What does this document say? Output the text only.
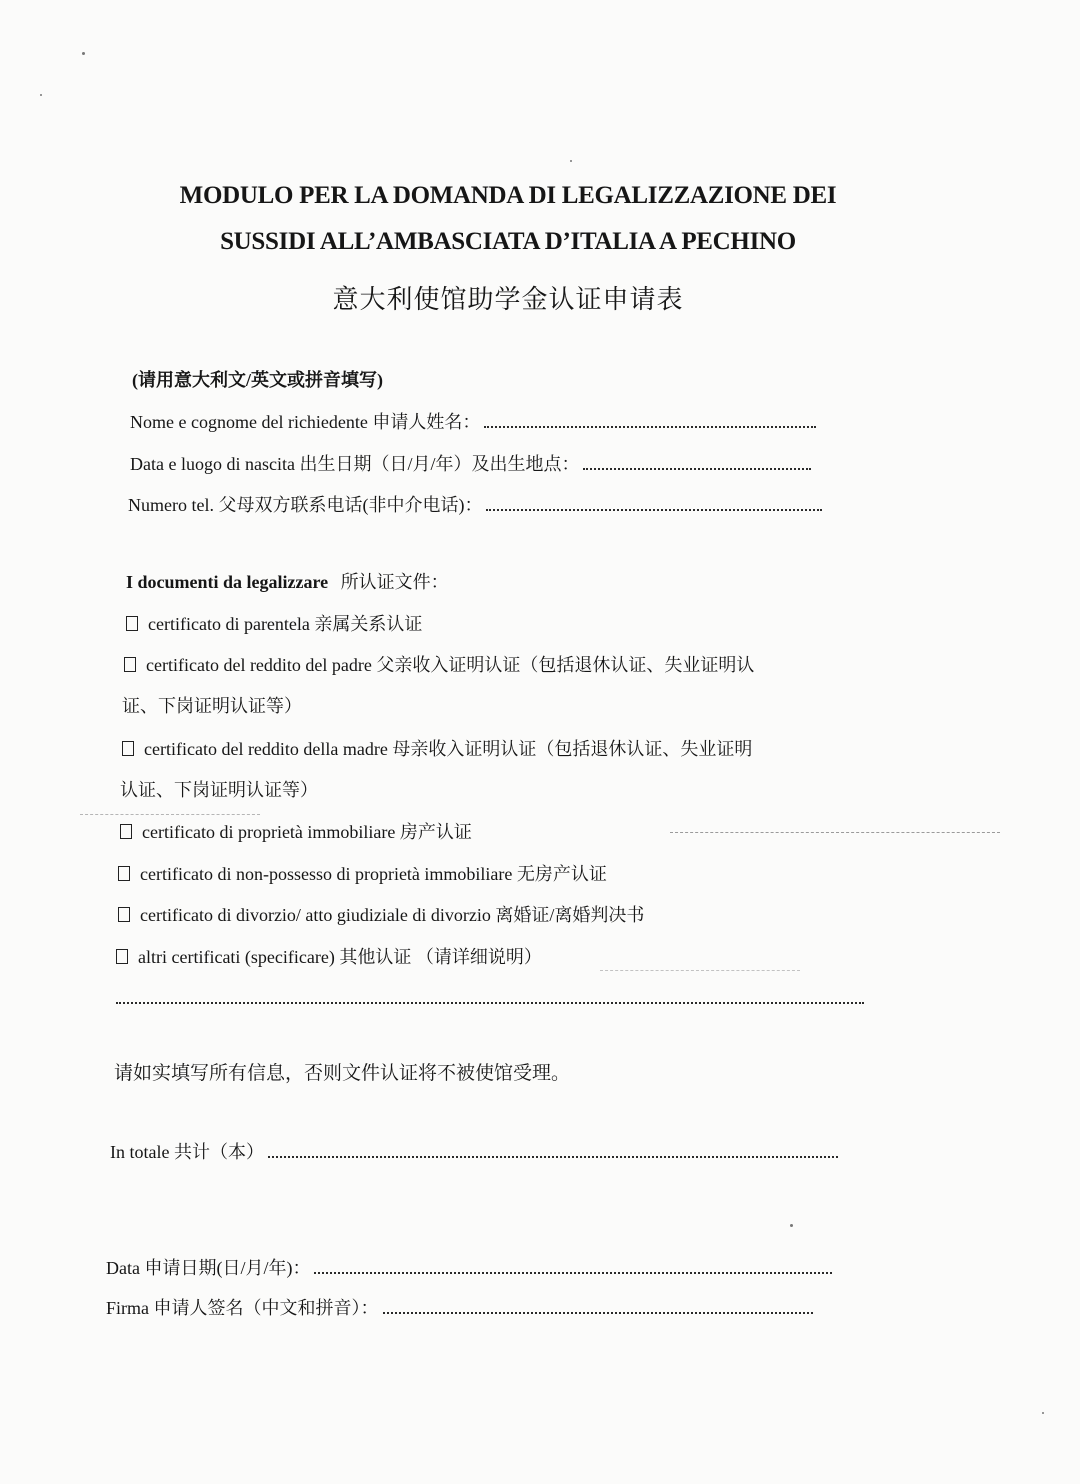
MODULO PER LA DOMANDA DI LEGALIZZAZIONE DEI
SUSSIDI ALL’AMBASCIATA D’ITALIA A PECHINO
意大利使馆助学金认证申请表
(请用意大利文/英文或拼音填写)
Nome e cognome del richiedente 申请人姓名：
Data e luogo di nascita 出生日期（日/月/年）及出生地点：
Numero tel. 父母双方联系电话(非中介电话)：
I documenti da legalizzare 所认证文件：
certificato di parentela 亲属关系认证
certificato del reddito del padre 父亲收入证明认证（包括退休认证、失业证明认
证、下岗证明认证等）
certificato del reddito della madre 母亲收入证明认证（包括退休认证、失业证明
认证、下岗证明认证等）
certificato di proprietà immobiliare 房产认证
certificato di non-possesso di proprietà immobiliare 无房产认证
certificato di divorzio/ atto giudiziale di divorzio 离婚证/离婚判决书
altri certificati (specificare) 其他认证 （请详细说明）
请如实填写所有信息，否则文件认证将不被使馆受理。
In totale 共计（本）
Data 申请日期(日/月/年)：
Firma 申请人签名（中文和拼音）：
